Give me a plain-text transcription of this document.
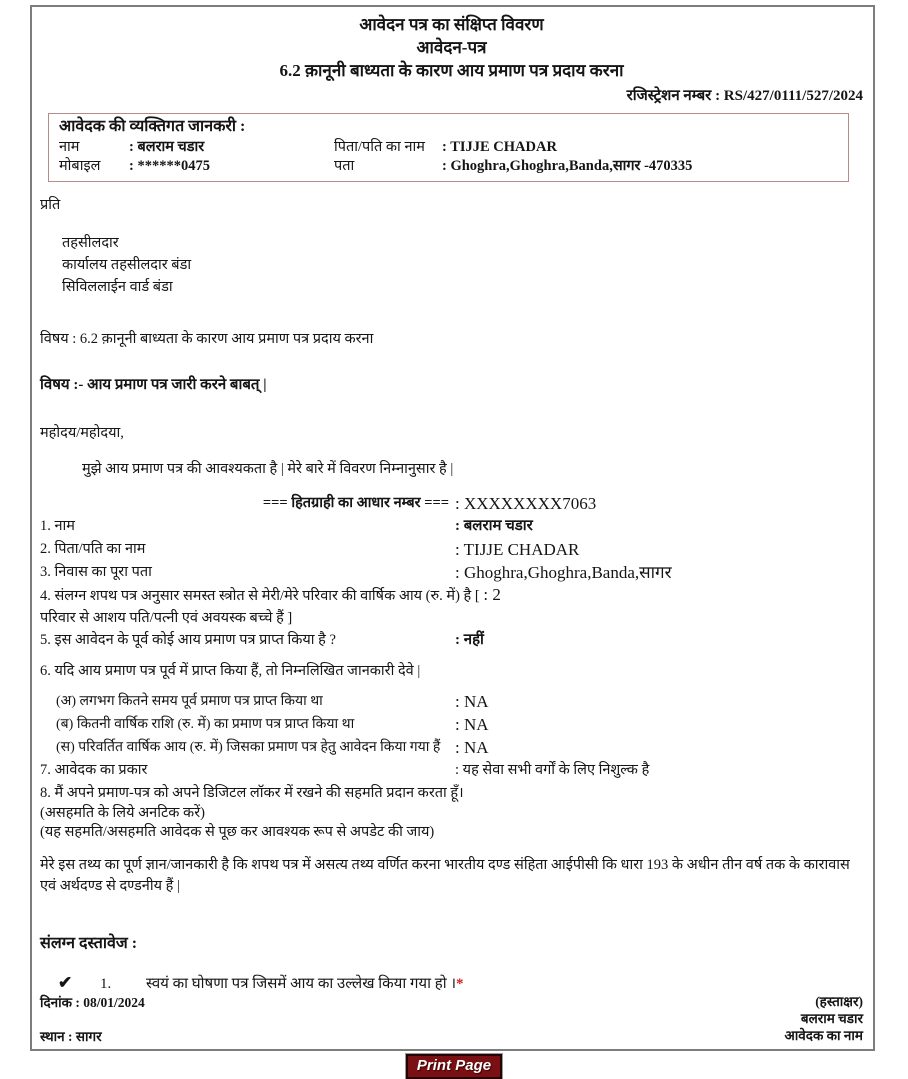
आवेदन पत्र का संक्षिप्त विवरण
आवेदन-पत्र
6.2 क़ानूनी बाध्यता के कारण आय प्रमाण पत्र प्रदाय करना
रजिस्ट्रेशन नम्बर : RS/427/0111/527/2024
आवेदक की व्यक्तिगत जानकरी :
नाम	: बलराम चडार	पिता/पति का नाम	: TIJJE CHADAR
मोबाइल	: ******0475	पता	: Ghoghra,Ghoghra,Banda,सागर -470335
प्रति
तहसीलदार
कार्यालय तहसीलदार बंडा
सिविललाईन वार्ड बंडा
विषय : 6.2 क़ानूनी बाध्यता के कारण आय प्रमाण पत्र प्रदाय करना
विषय :- आय प्रमाण पत्र जारी करने बाबत् |
महोदय/महोदया,
मुझे आय प्रमाण पत्र की आवश्यकता है | मेरे बारे में विवरण निम्नानुसार है |
=== हितग्राही का आधार नम्बर === : XXXXXXXX7063
1. नाम	: बलराम चडार
2. पिता/पति का नाम	: TIJJE CHADAR
3. निवास का पूरा पता	: Ghoghra,Ghoghra,Banda,सागर
4. संलग्न शपथ पत्र अनुसार समस्त स्त्रोत से मेरी/मेरे परिवार की वार्षिक आय (रु. में) है [ : 2
परिवार से आशय पति/पत्नी एवं अवयस्क बच्चे हैं ]
5. इस आवेदन के पूर्व कोई आय प्रमाण पत्र प्राप्त किया है ?	: नहीं
6. यदि आय प्रमाण पत्र पूर्व में प्राप्त किया हैं, तो निम्नलिखित जानकारी देवे |
(अ) लगभग कितने समय पूर्व प्रमाण पत्र प्राप्त किया था	: NA
(ब) कितनी वार्षिक राशि (रु. में) का प्रमाण पत्र प्राप्त किया था	: NA
(स) परिवर्तित वार्षिक आय (रु. में) जिसका प्रमाण पत्र हेतु आवेदन किया गया हैं : NA
7. आवेदक का प्रकार	: यह सेवा सभी वर्गों के लिए निशुल्क है
8. मैं अपने प्रमाण-पत्र को अपने डिजिटल लॉकर में रखने की सहमति प्रदान करता हूँ।
(असहमति के लिये अनटिक करें)
(यह सहमति/असहमति आवेदक से पूछ कर आवश्यक रूप से अपडेट की जाय)
मेरे इस तथ्य का पूर्ण ज्ञान/जानकारी है कि शपथ पत्र में असत्य तथ्य वर्णित करना भारतीय दण्ड संहिता आईपीसी कि धारा 193 के अधीन तीन वर्ष तक के कारावास एवं अर्थदण्ड से दण्डनीय हैं |
संलग्न दस्तावेज :
✔	1.	स्वयं का घोषणा पत्र जिसमें आय का उल्लेख किया गया हो ।*
दिनांक : 08/01/2024
स्थान : सागर
(हस्ताक्षर)
बलराम चडार
आवेदक का नाम
Print Page
